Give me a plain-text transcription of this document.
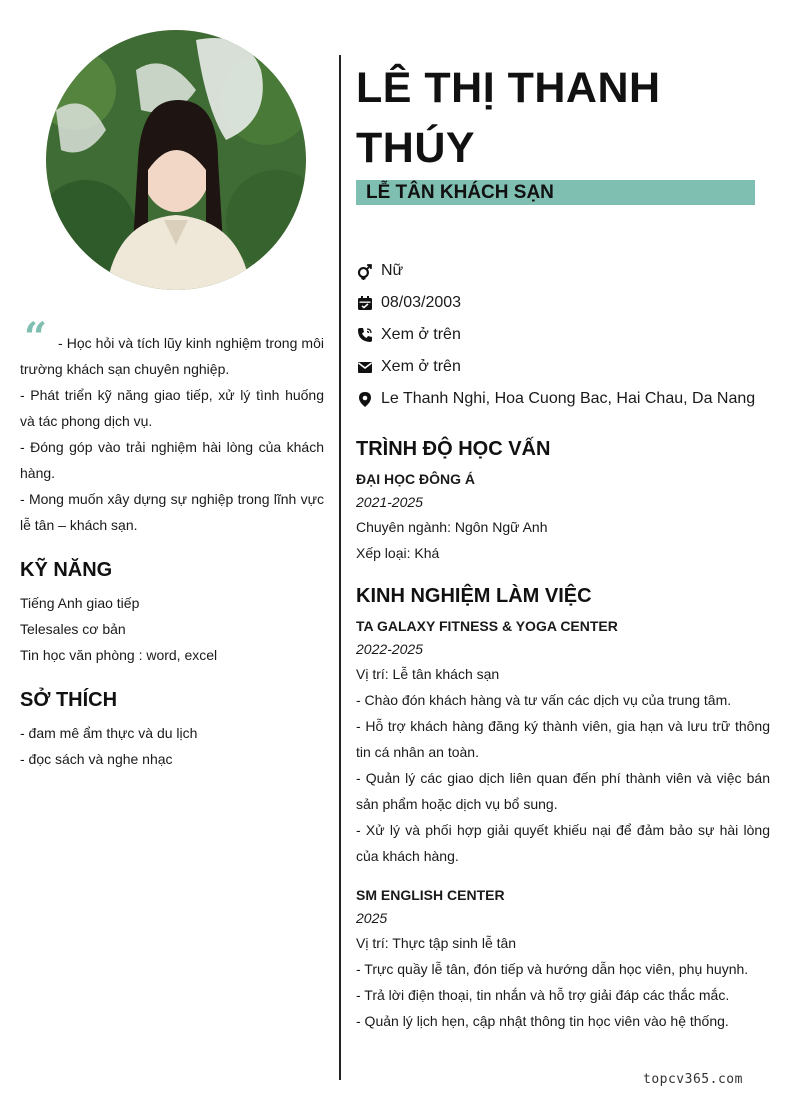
“ - Học hỏi và tích lũy kinh nghiệm trong môi trường khách sạn chuyên nghiệp.

- Phát triển kỹ năng giao tiếp, xử lý tình huống và tác phong dịch vụ.

- Đóng góp vào trải nghiệm hài lòng của khách hàng.

- Mong muốn xây dựng sự nghiệp trong lĩnh vực lễ tân – khách sạn.

KỸ NĂNG
Tiếng Anh giao tiếp
Telesales cơ bản
Tin học văn phòng : word, excel
SỞ THÍCH
- đam mê ẩm thực và du lịch
- đọc sách và nghe nhạc
LÊ THỊ THANH
THÚY
LỄ TÂN KHÁCH SẠN
Nữ
08/03/2003
Xem ở trên
Xem ở trên
Le Thanh Nghi, Hoa Cuong Bac, Hai Chau, Da Nang
TRÌNH ĐỘ HỌC VẤN
ĐẠI HỌC ĐÔNG Á
2021-2025

Chuyên ngành: Ngôn Ngữ Anh

Xếp loại: Khá

KINH NGHIỆM LÀM VIỆC
TA GALAXY FITNESS & YOGA CENTER
2022-2025

Vị trí: Lễ tân khách sạn

- Chào đón khách hàng và tư vấn các dịch vụ của trung tâm.

- Hỗ trợ khách hàng đăng ký thành viên, gia hạn và lưu trữ thông tin cá nhân an toàn.

- Quản lý các giao dịch liên quan đến phí thành viên và việc bán sản phẩm hoặc dịch vụ bổ sung.

- Xử lý và phối hợp giải quyết khiếu nại để đảm bảo sự hài lòng của khách hàng.

SM ENGLISH CENTER
2025

Vị trí: Thực tập sinh lễ tân

- Trực quầy lễ tân, đón tiếp và hướng dẫn học viên, phụ huynh.

- Trả lời điện thoại, tin nhắn và hỗ trợ giải đáp các thắc mắc.

- Quản lý lịch hẹn, cập nhật thông tin học viên vào hệ thống.

topcv365.com
